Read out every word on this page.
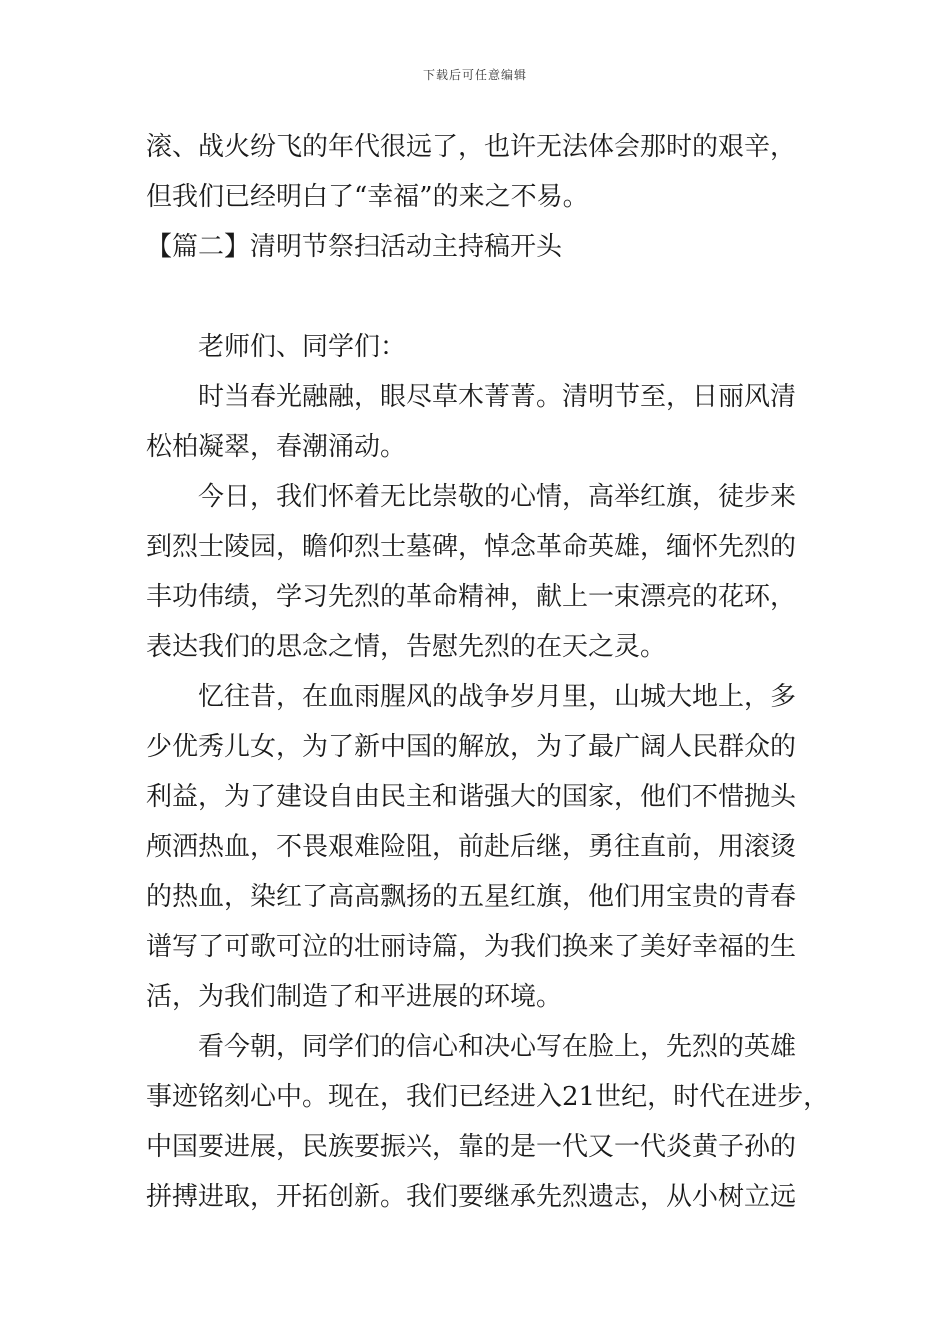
下载后可任意编辑
滚、战火纷飞的年代很远了，也许无法体会那时的艰辛，
但我们已经明白了“幸福”的来之不易。
【篇二】清明节祭扫活动主持稿开头
老师们、同学们：
时当春光融融，眼尽草木菁菁。清明节至，日丽风清
松柏凝翠，春潮涌动。
今日，我们怀着无比崇敬的心情，高举红旗，徒步来
到烈士陵园，瞻仰烈士墓碑，悼念革命英雄，缅怀先烈的
丰功伟绩，学习先烈的革命精神，献上一束漂亮的花环，
表达我们的思念之情，告慰先烈的在天之灵。
忆往昔，在血雨腥风的战争岁月里，山城大地上，多
少优秀儿女，为了新中国的解放，为了最广阔人民群众的
利益，为了建设自由民主和谐强大的国家，他们不惜抛头
颅洒热血，不畏艰难险阻，前赴后继，勇往直前，用滚烫
的热血，染红了高高飘扬的五星红旗，他们用宝贵的青春
谱写了可歌可泣的壮丽诗篇，为我们换来了美好幸福的生
活，为我们制造了和平进展的环境。
看今朝，同学们的信心和决心写在脸上，先烈的英雄
事迹铭刻心中。现在，我们已经进入21世纪，时代在进步，
中国要进展，民族要振兴，靠的是一代又一代炎黄子孙的
拼搏进取，开拓创新。我们要继承先烈遗志，从小树立远
